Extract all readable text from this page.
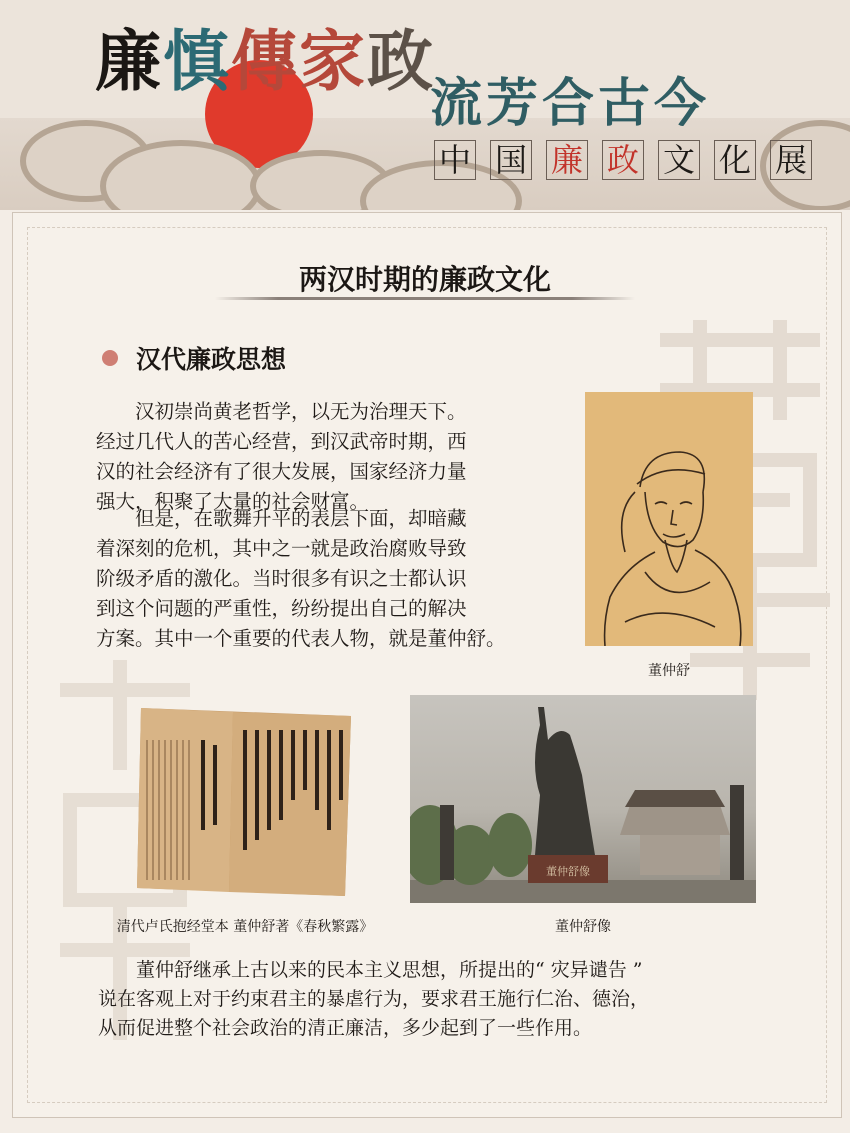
廉慎傳家政
流芳合古今
中 国 廉 政 文 化 展
两汉时期的廉政文化
汉代廉政思想

汉初崇尚黄老哲学，以无为治理天下。
经过几代人的苦心经营，到汉武帝时期，西
汉的社会经济有了很大发展，国家经济力量
强大，积聚了大量的社会财富。

但是，在歌舞升平的表层下面，却暗藏
着深刻的危机，其中之一就是政治腐败导致
阶级矛盾的激化。当时很多有识之士都认识
到这个问题的严重性，纷纷提出自己的解决
方案。其中一个重要的代表人物，就是董仲舒。

董仲舒
清代卢氏抱经堂本 董仲舒著《春秋繁露》
董仲舒像
董仲舒像

董仲舒继承上古以来的民本主义思想，所提出的“ 灾异谴告 ”
说在客观上对于约束君主的暴虐行为，要求君王施行仁治、德治，
从而促进整个社会政治的清正廉洁，多少起到了一些作用。
